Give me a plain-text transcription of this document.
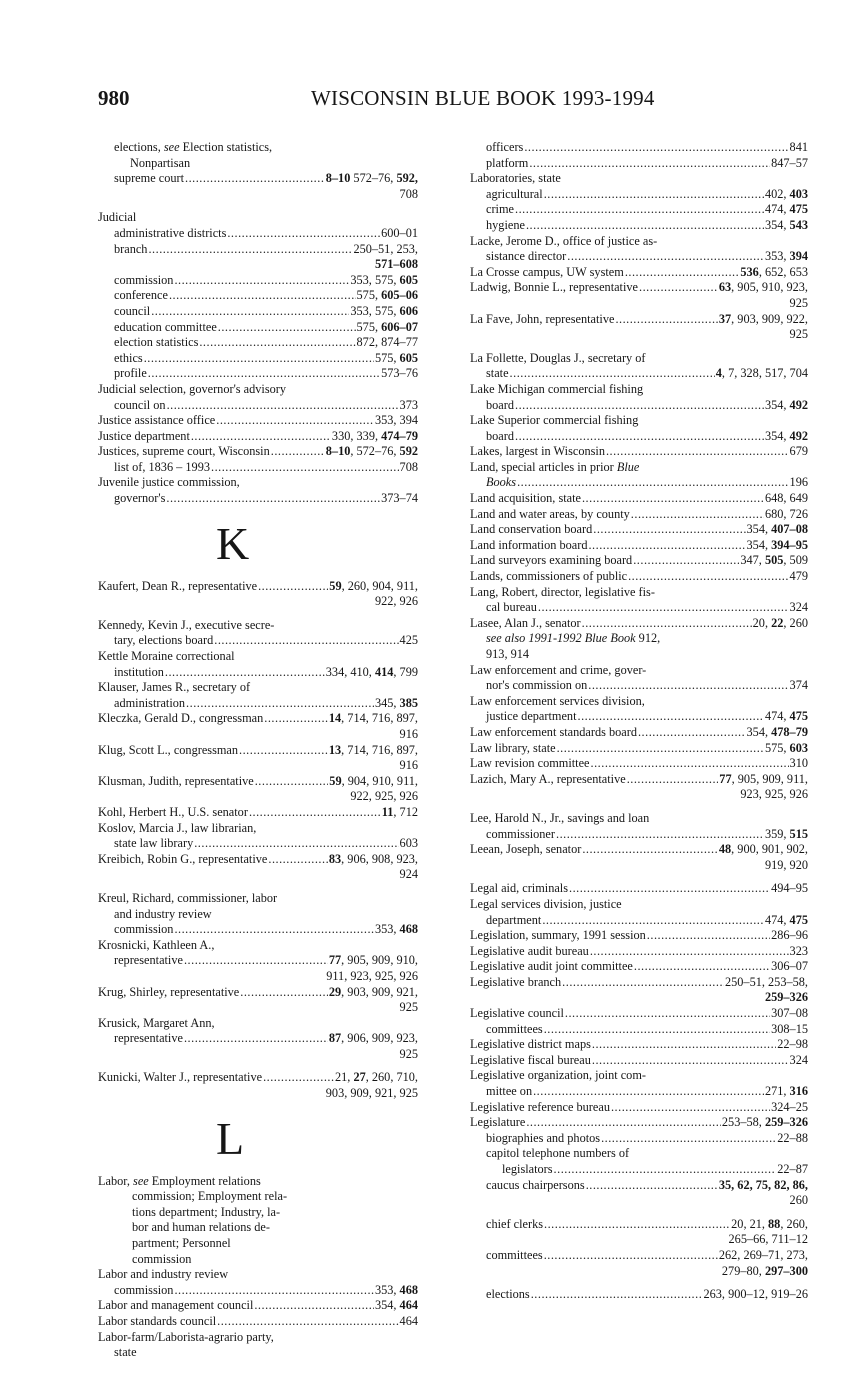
980	WISCONSIN BLUE BOOK 1993-1994
elections, see Election statistics,
Nonpartisan
supreme court .....	8–10 572–76, 592,
708
Judicial
administrative districts .....	600–01
branch .....	250–51, 253,
571–608
commission .....	353, 575, 605
conference .....	575, 605–06
council .....	353, 575, 606
education committee .....	575, 606–07
election statistics .....	872, 874–77
ethics .....	575, 605
profile .....	573–76
Judicial selection, governor's advisory
council on .....	373
Justice assistance office .....	353, 394
Justice department .....	330, 339, 474–79
Justices, supreme court, Wisconsin .....	8–10, 572–76, 592
list of, 1836 – 1993 .....	708
Juvenile justice commission,
governor's .....	373–74
K
Kaufert, Dean R., representative .....	59, 260, 904, 911,
922, 926
Kennedy, Kevin J., executive secre-
tary, elections board .....	425
Kettle Moraine correctional
institution .....	334, 410, 414, 799
Klauser, James R., secretary of
administration .....	345, 385
Kleczka, Gerald D., congressman .....	14, 714, 716, 897,
916
Klug, Scott L., congressman .....	13, 714, 716, 897,
916
Klusman, Judith, representative .....	59, 904, 910, 911,
922, 925, 926
Kohl, Herbert H., U.S. senator .....	11, 712
Koslov, Marcia J., law librarian,
state law library .....	603
Kreibich, Robin G., representative .....	83, 906, 908, 923,
924
Kreul, Richard, commissioner, labor
and industry review
commission .....	353, 468
Krosnicki, Kathleen A.,
representative .....	77, 905, 909, 910,
911, 923, 925, 926
Krug, Shirley, representative .....	29, 903, 909, 921,
925
Krusick, Margaret Ann,
representative .....	87, 906, 909, 923,
925
Kunicki, Walter J., representative .....	21, 27, 260, 710,
903, 909, 921, 925
L
Labor, see Employment relations
commission; Employment rela-
tions department; Industry, la-
bor and human relations de-
partment; Personnel
commission
Labor and industry review
commission .....	353, 468
Labor and management council .....	354, 464
Labor standards council .....	464
Labor-farm/Laborista-agrario party,
state
officers .....	841
platform .....	847–57
Laboratories, state
agricultural .....	402, 403
crime .....	474, 475
hygiene .....	354, 543
Lacke, Jerome D., office of justice as-
sistance director .....	353, 394
La Crosse campus, UW system .....	536, 652, 653
Ladwig, Bonnie L., representative .....	63, 905, 910, 923,
925
La Fave, John, representative .....	37, 903, 909, 922,
925
La Follette, Douglas J., secretary of
state .....	4, 7, 328, 517, 704
Lake Michigan commercial fishing
board .....	354, 492
Lake Superior commercial fishing
board .....	354, 492
Lakes, largest in Wisconsin .....	679
Land, special articles in prior Blue
Books .....	196
Land acquisition, state .....	648, 649
Land and water areas, by county .....	680, 726
Land conservation board .....	354, 407–08
Land information board .....	354, 394–95
Land surveyors examining board .....	347, 505, 509
Lands, commissioners of public .....	479
Lang, Robert, director, legislative fis-
cal bureau .....	324
Lasee, Alan J., senator .....	20, 22, 260
see also 1991-1992 Blue Book 912,
913, 914
Law enforcement and crime, gover-
nor's commission on .....	374
Law enforcement services division,
justice department .....	474, 475
Law enforcement standards board .....	354, 478–79
Law library, state .....	575, 603
Law revision committee .....	310
Lazich, Mary A., representative .....	77, 905, 909, 911,
923, 925, 926
Lee, Harold N., Jr., savings and loan
commissioner .....	359, 515
Leean, Joseph, senator .....	48, 900, 901, 902,
919, 920
Legal aid, criminals .....	494–95
Legal services division, justice
department .....	474, 475
Legislation, summary, 1991 session .....	286–96
Legislative audit bureau .....	323
Legislative audit joint committee .....	306–07
Legislative branch .....	250–51, 253–58,
259–326
Legislative council .....	307–08
committees .....	308–15
Legislative district maps .....	22–98
Legislative fiscal bureau .....	324
Legislative organization, joint com-
mittee on .....	271, 316
Legislative reference bureau .....	324–25
Legislature .....	253–58, 259–326
biographies and photos .....	22–88
capitol telephone numbers of
legislators .....	22–87
caucus chairpersons .....	35, 62, 75, 82, 86,
260
chief clerks .....	20, 21, 88, 260,
265–66, 711–12
committees .....	262, 269–71, 273,
279–80, 297–300
elections .....	263, 900–12, 919–26
